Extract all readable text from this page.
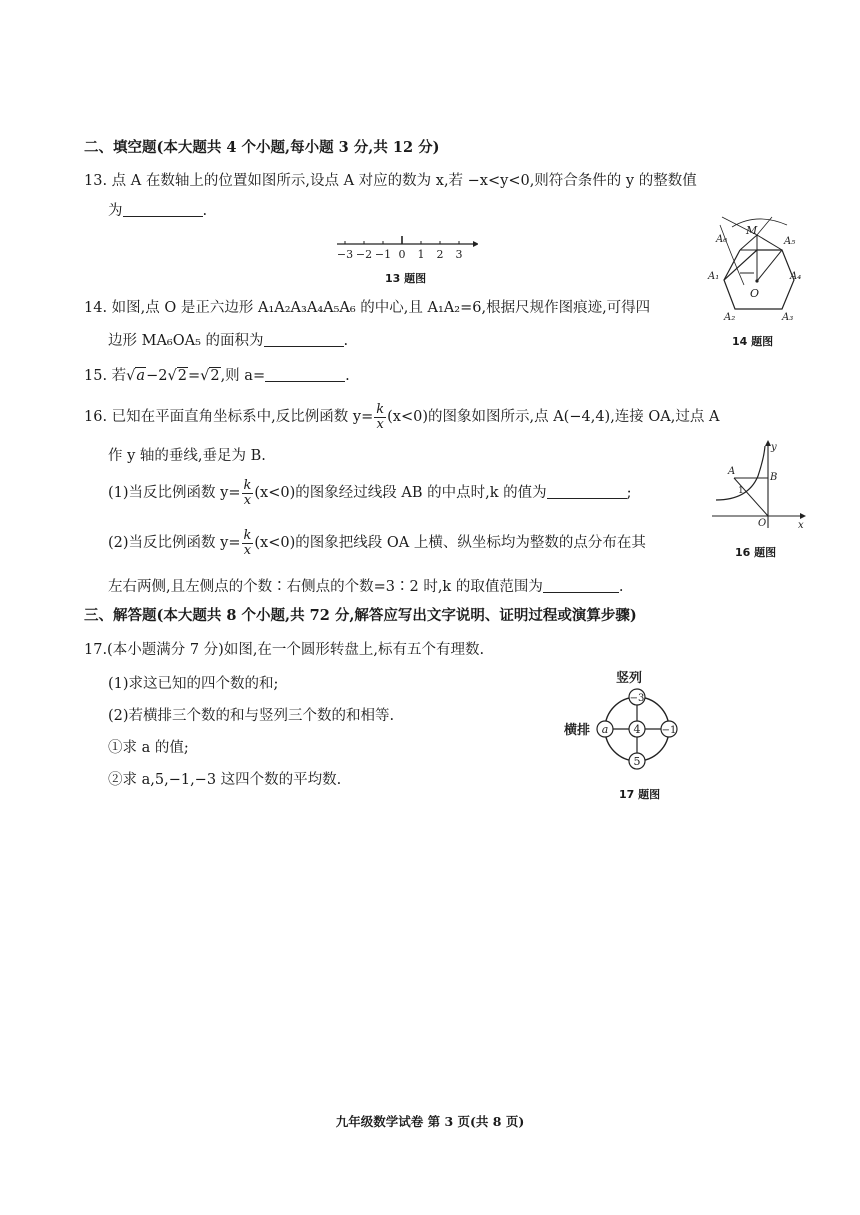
二、填空题(本大题共 4 个小题,每小题 3 分,共 12 分)
13. 点 A 在数轴上的位置如图所示,设点 A 对应的数为 x,若 −x<y<0,则符合条件的 y 的整数值
为	.
−3 −2 −1 0 1 2 3
13 题图
M
O
A₆	A₅
A₁	A₄
A₂	A₃
14 题图
14. 如图,点 O 是正六边形 A₁A₂A₃A₄A₅A₆ 的中心,且 A₁A₂=6,根据尺规作图痕迹,可得四
边形 MA₆OA₅ 的面积为	.
15. 若√a−2√2=√2,则 a=	.
16. 已知在平面直角坐标系中,反比例函数 $y= \frac{k}{x} (x<0)$的图象如图所示,点 A(−4,4),连接 OA,过点 A
作 y 轴的垂线,垂足为 B.
(1)当反比例函数 $y= \frac{k}{x} (x<0)$的图象经过线段 AB 的中点时,k 的值为	;
(2)当反比例函数 $y= \frac{k}{x} (x<0)$的图象把线段 OA 上横、纵坐标均为整数的点分布在其
左右两侧,且左侧点的个数∶右侧点的个数=3∶2 时,k 的取值范围为	.
A
B
O	x
y
1
16 题图
三、解答题(本大题共 8 个小题,共 72 分,解答应写出文字说明、证明过程或演算步骤)
17.(本小题满分 7 分)如图,在一个圆形转盘上,标有五个有理数.
(1)求这已知的四个数的和;
(2)若横排三个数的和与竖列三个数的和相等.
①求 a 的值;
②求 a,5,−1,−3 这四个数的平均数.
竖列
横排
−3
a 4 −1
5
17 题图
九年级数学试卷 第 3 页(共 8 页)
